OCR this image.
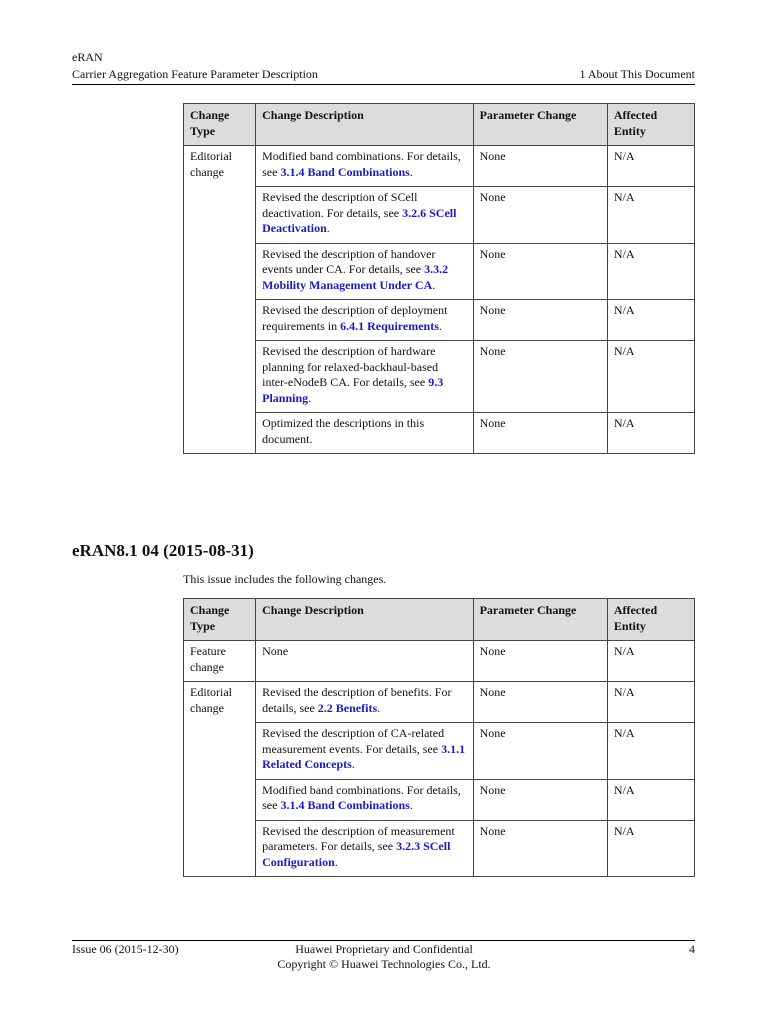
eRAN
Carrier Aggregation Feature Parameter Description	1 About This Document
Change Type	Change Description	Parameter Change	Affected Entity
Editorial change	Modified band combinations. For details, see 3.1.4 Band Combinations.	None	N/A
	Revised the description of SCell deactivation. For details, see 3.2.6 SCell Deactivation.	None	N/A
	Revised the description of handover events under CA. For details, see 3.3.2 Mobility Management Under CA.	None	N/A
	Revised the description of deployment requirements in 6.4.1 Requirements.	None	N/A
	Revised the description of hardware planning for relaxed-backhaul-based inter-eNodeB CA. For details, see 9.3 Planning.	None	N/A
	Optimized the descriptions in this document.	None	N/A
eRAN8.1 04 (2015-08-31)
This issue includes the following changes.
Change Type	Change Description	Parameter Change	Affected Entity
Feature change	None	None	N/A
Editorial change	Revised the description of benefits. For details, see 2.2 Benefits.	None	N/A
	Revised the description of CA-related measurement events. For details, see 3.1.1 Related Concepts.	None	N/A
	Modified band combinations. For details, see 3.1.4 Band Combinations.	None	N/A
	Revised the description of measurement parameters. For details, see 3.2.3 SCell Configuration.	None	N/A
Issue 06 (2015-12-30)	Huawei Proprietary and Confidential
Copyright © Huawei Technologies Co., Ltd.
4
